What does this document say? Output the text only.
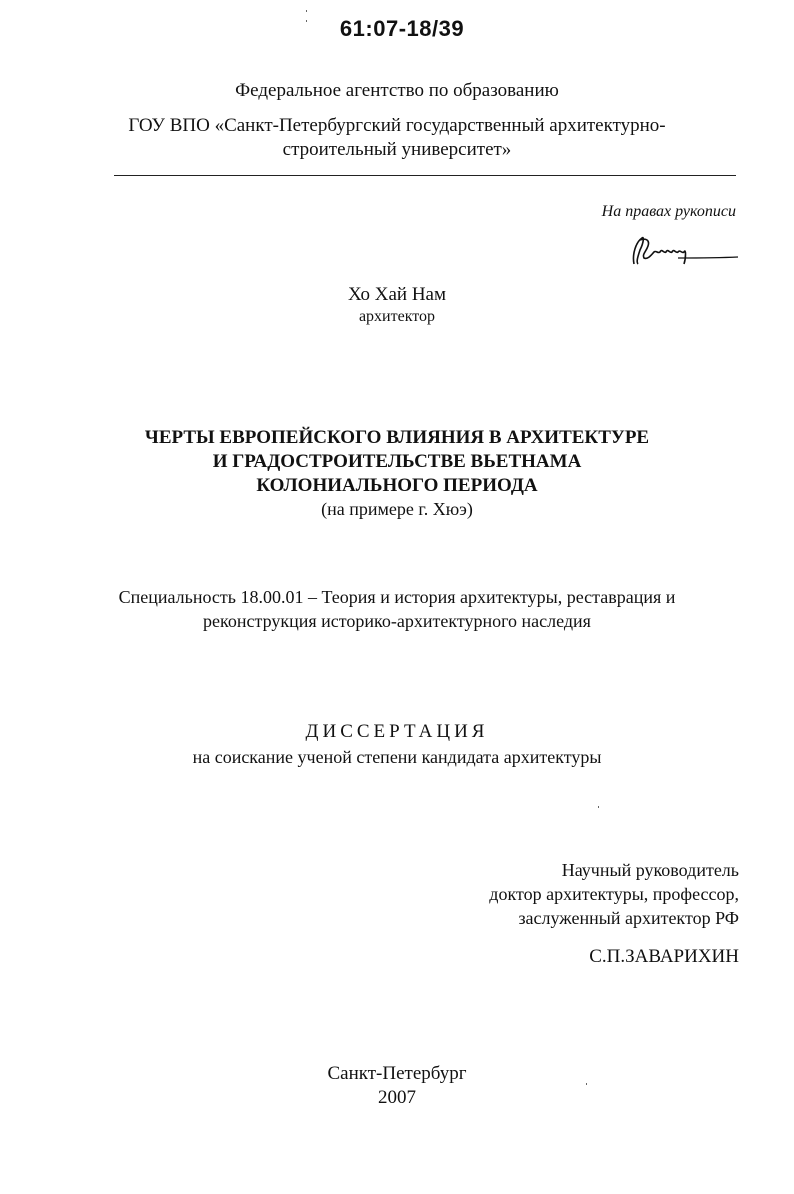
61:07-18/39

Федеральное агентство по образованию

ГОУ ВПО «Санкт-Петербургский государственный архитектурно-

строительный университет»

На правах рукописи

Хо Хай Нам

архитектор

ЧЕРТЫ ЕВРОПЕЙСКОГО ВЛИЯНИЯ В АРХИТЕКТУРЕ
И ГРАДОСТРОИТЕЛЬСТВЕ ВЬЕТНАМА
КОЛОНИАЛЬНОГО ПЕРИОДА

(на примере г. Хюэ)

Специальность 18.00.01 – Теория и история архитектуры, реставрация и
реконструкция историко-архитектурного наследия

ДИССЕРТАЦИЯ

на соискание ученой степени кандидата архитектуры

Научный руководитель
доктор архитектуры, профессор,
заслуженный архитектор РФ

С.П.ЗАВАРИХИН

Санкт-Петербург
2007
